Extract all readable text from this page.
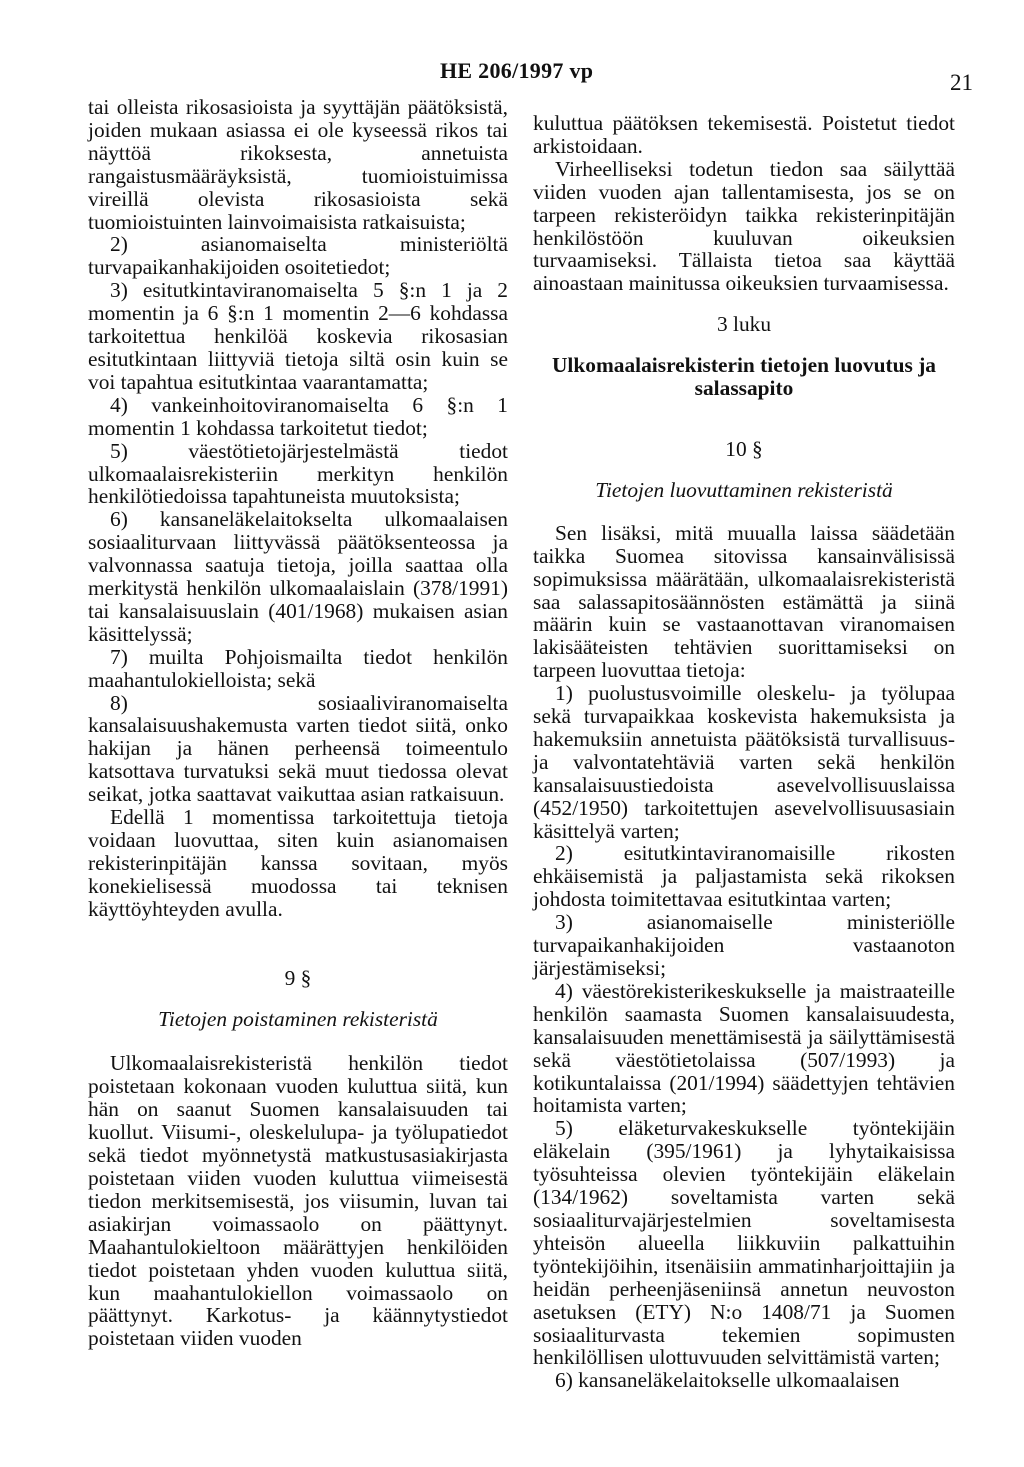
HE 206/1997 vp	21

tai olleista rikosasioista ja syyttäjän päätöksistä, joiden mukaan asiassa ei ole kyseessä rikos tai näyttöä rikoksesta, annetuista rangaistusmääräyksistä, tuomioistuimissa vireillä olevista rikosasioista sekä tuomioistuinten lainvoimaisista ratkaisuista;

2) asianomaiselta ministeriöltä turvapaikanhakijoiden osoitetiedot;

3) esitutkintaviranomaiselta 5 §:n 1 ja 2 momentin ja 6 §:n 1 momentin 2—6 kohdassa tarkoitettua henkilöä koskevia rikosasian esitutkintaan liittyviä tietoja siltä osin kuin se voi tapahtua esitutkintaa vaarantamatta;

4) vankeinhoitoviranomaiselta 6 §:n 1 momentin 1 kohdassa tarkoitetut tiedot;

5) väestötietojärjestelmästä tiedot ulkomaalaisrekisteriin merkityn henkilön henkilötiedoissa tapahtuneista muutoksista;

6) kansaneläkelaitokselta ulkomaalaisen sosiaaliturvaan liittyvässä päätöksenteossa ja valvonnassa saatuja tietoja, joilla saattaa olla merkitystä henkilön ulkomaalaislain (378/1991) tai kansalaisuuslain (401/1968) mukaisen asian käsittelyssä;

7) muilta Pohjoismailta tiedot henkilön maahantulokielloista; sekä

8) sosiaaliviranomaiselta kansalaisuushakemusta varten tiedot siitä, onko hakijan ja hänen perheensä toimeentulo katsottava turvatuksi sekä muut tiedossa olevat seikat, jotka saattavat vaikuttaa asian ratkaisuun.

Edellä 1 momentissa tarkoitettuja tietoja voidaan luovuttaa, siten kuin asianomaisen rekisterinpitäjän kanssa sovitaan, myös konekielisessä muodossa tai teknisen käyttöyhteyden avulla.

9 §

Tietojen poistaminen rekisteristä

Ulkomaalaisrekisteristä henkilön tiedot poistetaan kokonaan vuoden kuluttua siitä, kun hän on saanut Suomen kansalaisuuden tai kuollut. Viisumi-, oleskelulupa- ja työlupatiedot sekä tiedot myönnetystä matkustusasiakirjasta poistetaan viiden vuoden kuluttua viimeisestä tiedon merkitsemisestä, jos viisumin, luvan tai asiakirjan voimassaolo on päättynyt. Maahantulokieltoon määrättyjen henkilöiden tiedot poistetaan yhden vuoden kuluttua siitä, kun maahantulokiellon voimassaolo on päättynyt. Karkotus- ja käännytystiedot poistetaan viiden vuoden

kuluttua päätöksen tekemisestä. Poistetut tiedot arkistoidaan.

Virheelliseksi todetun tiedon saa säilyttää viiden vuoden ajan tallentamisesta, jos se on tarpeen rekisteröidyn taikka rekisterinpitäjän henkilöstöön kuuluvan oikeuksien turvaamiseksi. Tällaista tietoa saa käyttää ainoastaan mainitussa oikeuksien turvaamisessa.

3 luku

Ulkomaalaisrekisterin tietojen luovutus ja salassapito

10 §

Tietojen luovuttaminen rekisteristä

Sen lisäksi, mitä muualla laissa säädetään taikka Suomea sitovissa kansainvälisissä sopimuksissa määrätään, ulkomaalaisrekisteristä saa salassapitosäännösten estämättä ja siinä määrin kuin se vastaanottavan viranomaisen lakisääteisten tehtävien suorittamiseksi on tarpeen luovuttaa tietoja:

1) puolustusvoimille oleskelu- ja työlupaa sekä turvapaikkaa koskevista hakemuksista ja hakemuksiin annetuista päätöksistä turvallisuus- ja valvontatehtäviä varten sekä henkilön kansalaisuustiedoista asevelvollisuuslaissa (452/1950) tarkoitettujen asevelvollisuusasiain käsittelyä varten;

2) esitutkintaviranomaisille rikosten ehkäisemistä ja paljastamista sekä rikoksen johdosta toimitettavaa esitutkintaa varten;

3) asianomaiselle ministeriölle turvapaikanhakijoiden vastaanoton järjestämiseksi;

4) väestörekisterikeskukselle ja maistraateille henkilön saamasta Suomen kansalaisuudesta, kansalaisuuden menettämisestä ja säilyttämisestä sekä väestötietolaissa (507/1993) ja kotikuntalaissa (201/1994) säädettyjen tehtävien hoitamista varten;

5) eläketurvakeskukselle työntekijäin eläkelain (395/1961) ja lyhytaikaisissa työsuhteissa olevien työntekijäin eläkelain (134/1962) soveltamista varten sekä sosiaaliturvajärjestelmien soveltamisesta yhteisön alueella liikkuviin palkattuihin työntekijöihin, itsenäisiin ammatinharjoittajiin ja heidän perheenjäseniinsä annetun neuvoston asetuksen (ETY) N:o 1408/71 ja Suomen sosiaaliturvasta tekemien sopimusten henkilöllisen ulottuvuuden selvittämistä varten;

6) kansaneläkelaitokselle ulkomaalaisen
